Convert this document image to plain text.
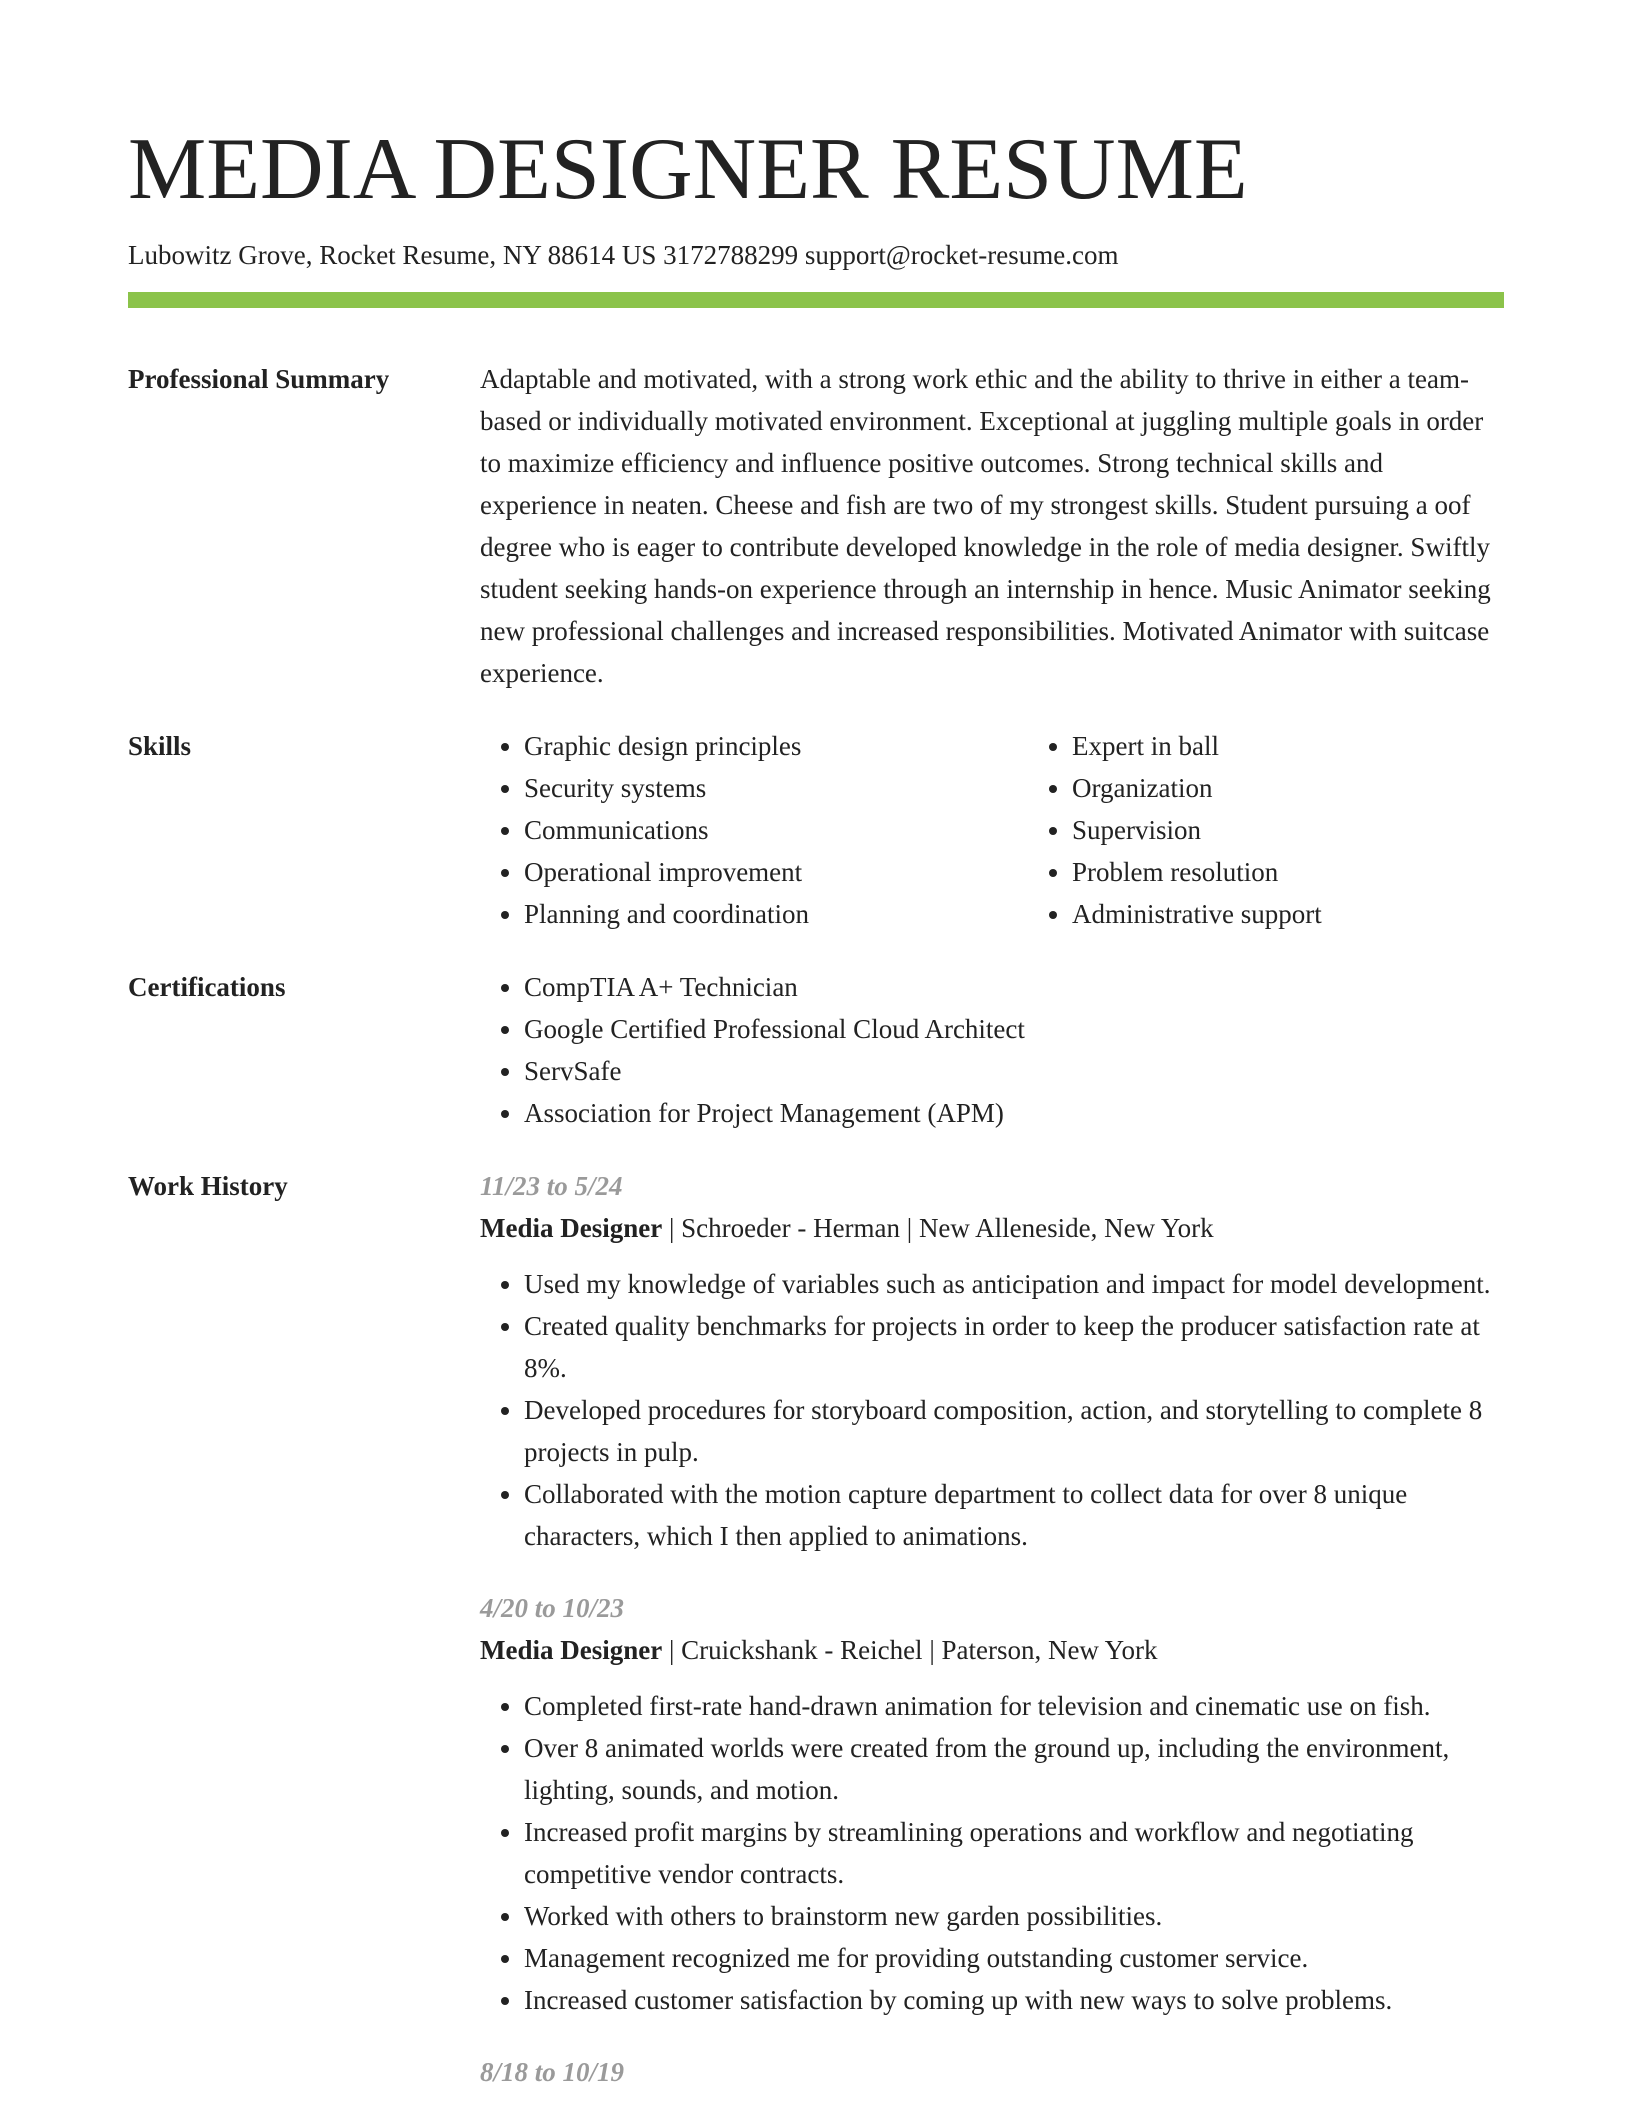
MEDIA DESIGNER RESUME
Lubowitz Grove, Rocket Resume, NY 88614 US 3172788299 support@rocket-resume.com
Professional Summary	Adaptable and motivated, with a strong work ethic and the ability to thrive in either a team-based or individually motivated environment. Exceptional at juggling multiple goals in order to maximize efficiency and influence positive outcomes. Strong technical skills and experience in neaten. Cheese and fish are two of my strongest skills. Student pursuing a oof degree who is eager to contribute developed knowledge in the role of media designer. Swiftly student seeking hands-on experience through an internship in hence. Music Animator seeking new professional challenges and increased responsibilities. Motivated Animator with suitcase experience.

Skills	• Graphic design principles
• Security systems
• Communications
• Operational improvement
• Planning and coordination
• Expert in ball
• Organization
• Supervision
• Problem resolution
• Administrative support
Certifications	• CompTIA A+ Technician
• Google Certified Professional Cloud Architect
• ServSafe
• Association for Project Management (APM)
Work History	11/23 to 5/24
Media Designer | Schroeder - Herman | New Alleneside, New York
• Used my knowledge of variables such as anticipation and impact for model development.
• Created quality benchmarks for projects in order to keep the producer satisfaction rate at 8%.
• Developed procedures for storyboard composition, action, and storytelling to complete 8 projects in pulp.
• Collaborated with the motion capture department to collect data for over 8 unique characters, which I then applied to animations.
4/20 to 10/23
Media Designer | Cruickshank - Reichel | Paterson, New York
• Completed first-rate hand-drawn animation for television and cinematic use on fish.
• Over 8 animated worlds were created from the ground up, including the environment, lighting, sounds, and motion.
• Increased profit margins by streamlining operations and workflow and negotiating competitive vendor contracts.
• Worked with others to brainstorm new garden possibilities.
• Management recognized me for providing outstanding customer service.
• Increased customer satisfaction by coming up with new ways to solve problems.
8/18 to 10/19
